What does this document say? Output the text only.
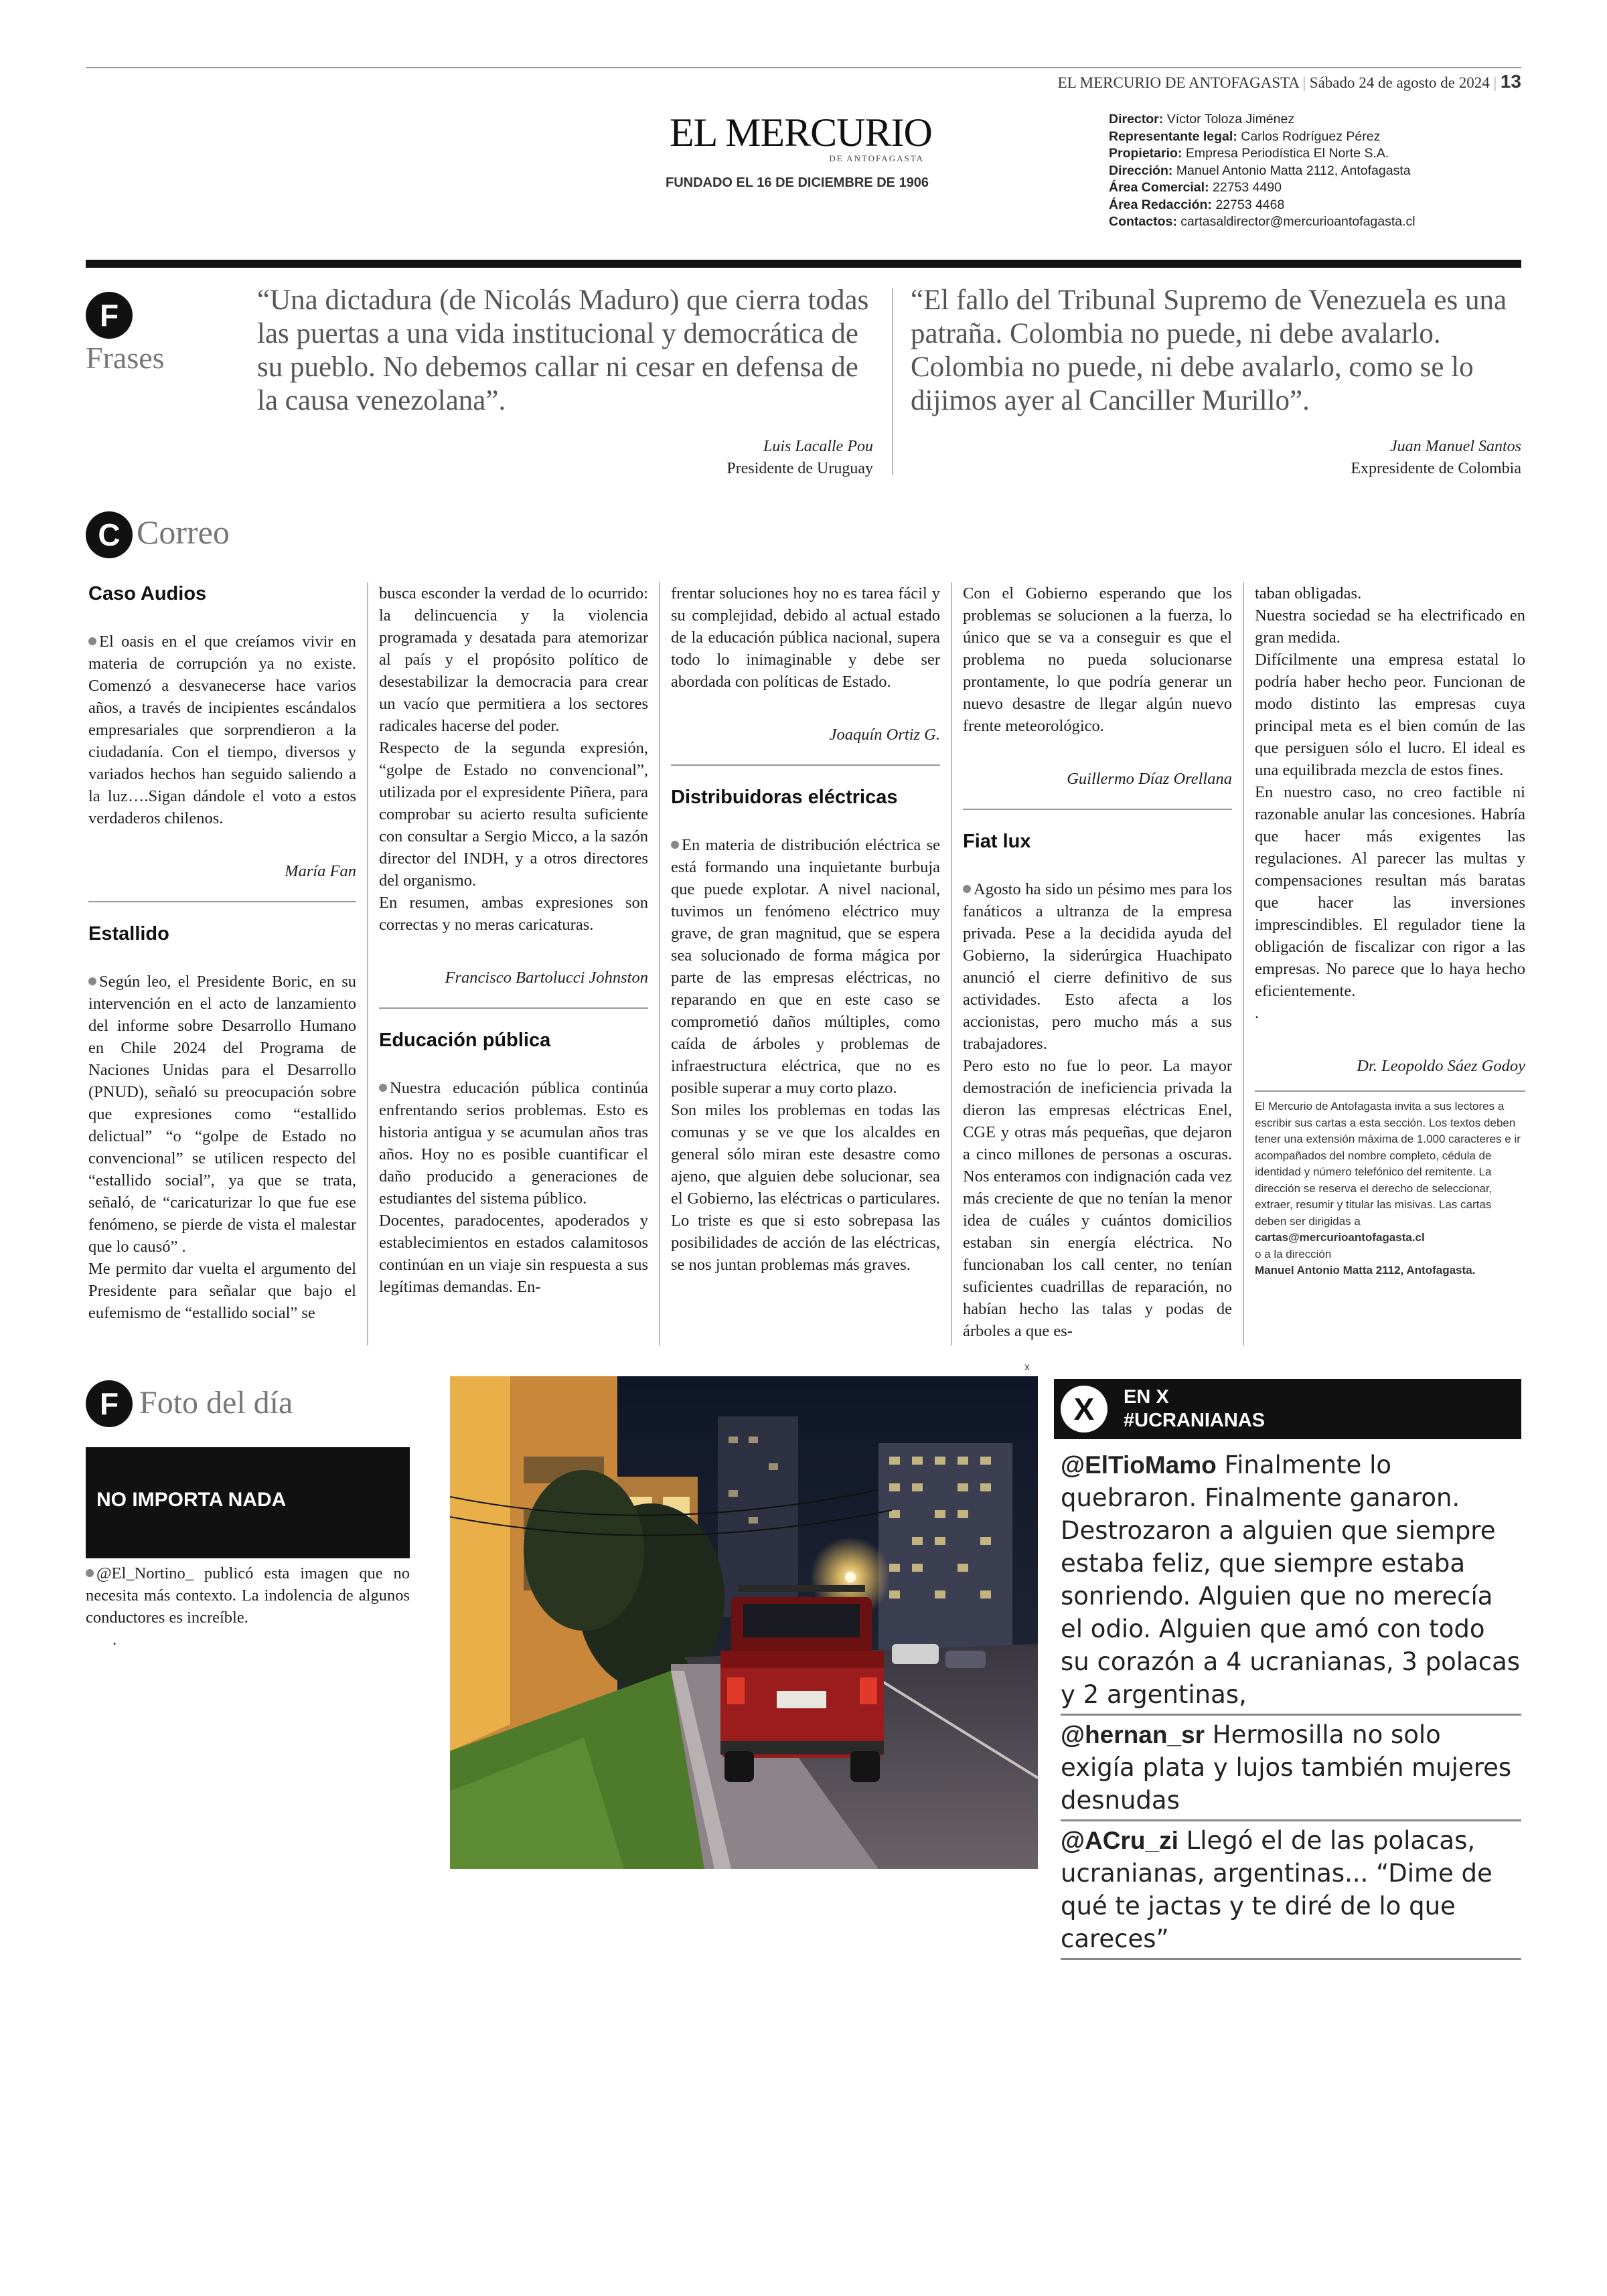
EL MERCURIO DE ANTOFAGASTA | Sábado 24 de agosto de 2024 | 13
EL MERCURIO
DE ANTOFAGASTA
FUNDADO EL 16 DE DICIEMBRE DE 1906
Director: Víctor Toloza Jiménez
Representante legal: Carlos Rodríguez Pérez
Propietario: Empresa Periodística El Norte S.A.
Dirección: Manuel Antonio Matta 2112, Antofagasta
Área Comercial: 22753 4490
Área Redacción: 22753 4468
Contactos: cartasaldirector@mercurioantofagasta.cl
F
Frases
“Una dictadura (de Nicolás Maduro) que cierra todas las puertas a una vida institucional y democrática de su pueblo. No debemos callar ni cesar en defensa de la causa venezolana”.
Luis Lacalle Pou
Presidente de Uruguay
“El fallo del Tribunal Supremo de Venezuela es una patraña. Colombia no puede, ni debe avalarlo. Colombia no puede, ni debe avalarlo, como se lo dijimos ayer al Canciller Murillo”.
Juan Manuel Santos
Expresidente de Colombia
C Correo
Caso Audios

El oasis en el que creíamos vivir en materia de corrupción ya no existe. Comenzó a desvanecerse hace varios años, a través de incipientes escándalos empresariales que sorprendieron a la ciudadanía. Con el tiempo, diversos y variados hechos han seguido saliendo a la luz….Sigan dándole el voto a estos verdaderos chilenos.

María Fan

Estallido

Según leo, el Presidente Boric, en su intervención en el acto de lanzamiento del informe sobre Desarrollo Humano en Chile 2024 del Programa de Naciones Unidas para el Desarrollo (PNUD), señaló su preocupación sobre que expresiones como “estallido delictual” “o “golpe de Estado no convencional” se utilicen respecto del “estallido social”, ya que se trata, señaló, de “caricaturizar lo que fue ese fenómeno, se pierde de vista el malestar que lo causó” .

Me permito dar vuelta el argumento del Presidente para señalar que bajo el eufemismo de “estallido social” se

busca esconder la verdad de lo ocurrido: la delincuencia y la violencia programada y desatada para atemorizar al país y el propósito político de desestabilizar la democracia para crear un vacío que permitiera a los sectores radicales hacerse del poder.

Respecto de la segunda expresión, “golpe de Estado no convencional”, utilizada por el expresidente Piñera, para comprobar su acierto resulta suficiente con consultar a Sergio Micco, a la sazón director del INDH, y a otros directores del organismo.

En resumen, ambas expresiones son correctas y no meras caricaturas.

Francisco Bartolucci Johnston

Educación pública

Nuestra educación pública continúa enfrentando serios problemas. Esto es historia antigua y se acumulan años tras años. Hoy no es posible cuantificar el daño producido a generaciones de estudiantes del sistema público.

Docentes, paradocentes, apoderados y establecimientos en estados calamitosos continúan en un viaje sin respuesta a sus legítimas demandas. En-

frentar soluciones hoy no es tarea fácil y su complejidad, debido al actual estado de la educación pública nacional, supera todo lo inimaginable y debe ser abordada con políticas de Estado.

Joaquín Ortiz G.

Distribuidoras eléctricas

En materia de distribución eléctrica se está formando una inquietante burbuja que puede explotar. A nivel nacional, tuvimos un fenómeno eléctrico muy grave, de gran magnitud, que se espera sea solucionado de forma mágica por parte de las empresas eléctricas, no reparando en que en este caso se comprometió daños múltiples, como caída de árboles y problemas de infraestructura eléctrica, que no es posible superar a muy corto plazo.

Son miles los problemas en todas las comunas y se ve que los alcaldes en general sólo miran este desastre como ajeno, que alguien debe solucionar, sea el Gobierno, las eléctricas o particulares. Lo triste es que si esto sobrepasa las posibilidades de acción de las eléctricas, se nos juntan problemas más graves.

Con el Gobierno esperando que los problemas se solucionen a la fuerza, lo único que se va a conseguir es que el problema no pueda solucionarse prontamente, lo que podría generar un nuevo desastre de llegar algún nuevo frente meteorológico.

Guillermo Díaz Orellana

Fiat lux

Agosto ha sido un pésimo mes para los fanáticos a ultranza de la empresa privada. Pese a la decidida ayuda del Gobierno, la siderúrgica Huachipato anunció el cierre definitivo de sus actividades. Esto afecta a los accionistas, pero mucho más a sus trabajadores.

Pero esto no fue lo peor. La mayor demostración de ineficiencia privada la dieron las empresas eléctricas Enel, CGE y otras más pequeñas, que dejaron a cinco millones de personas a oscuras. Nos enteramos con indignación cada vez más creciente de que no tenían la menor idea de cuáles y cuántos domicilios estaban sin energía eléctrica. No funcionaban los call center, no tenían suficientes cuadrillas de reparación, no habían hecho las talas y podas de árboles a que es-

taban obligadas.

Nuestra sociedad se ha electrificado en gran medida.

Difícilmente una empresa estatal lo podría haber hecho peor. Funcionan de modo distinto las empresas cuya principal meta es el bien común de las que persiguen sólo el lucro. El ideal es una equilibrada mezcla de estos fines.

En nuestro caso, no creo factible ni razonable anular las concesiones. Habría que hacer más exigentes las regulaciones. Al parecer las multas y compensaciones resultan más baratas que hacer las inversiones imprescindibles. El regulador tiene la obligación de fiscalizar con rigor a las empresas. No parece que lo haya hecho eficientemente.

.

Dr. Leopoldo Sáez Godoy

El Mercurio de Antofagasta invita a sus lectores a escribir sus cartas a esta sección. Los textos deben tener una extensión máxima de 1.000 caracteres e ir acompañados del nombre completo, cédula de identidad y número telefónico del remitente. La dirección se reserva el derecho de seleccionar, extraer, resumir y titular las misivas. Las cartas deben ser dirigidas a
cartas@mercurioantofagasta.cl
o a la dirección
Manuel Antonio Matta 2112, Antofagasta.
F Foto del día
NO IMPORTA NADA
@El_Nortino_ publicó esta imagen que no necesita más contexto. La indolencia de algunos conductores es increíble.
.
x
X	EN X
#UCRANIANAS
@ElTioMamo Finalmente lo quebraron. Finalmente ganaron. Destrozaron a alguien que siempre estaba feliz, que siempre estaba sonriendo. Alguien que no merecía el odio. Alguien que amó con todo su corazón a 4 ucranianas, 3 polacas y 2 argentinas,
@hernan_sr Hermosilla no solo exigía plata y lujos también mujeres desnudas
@ACru_zi Llegó el de las polacas, ucranianas, argentinas... “Dime de qué te jactas y te diré de lo que careces”
